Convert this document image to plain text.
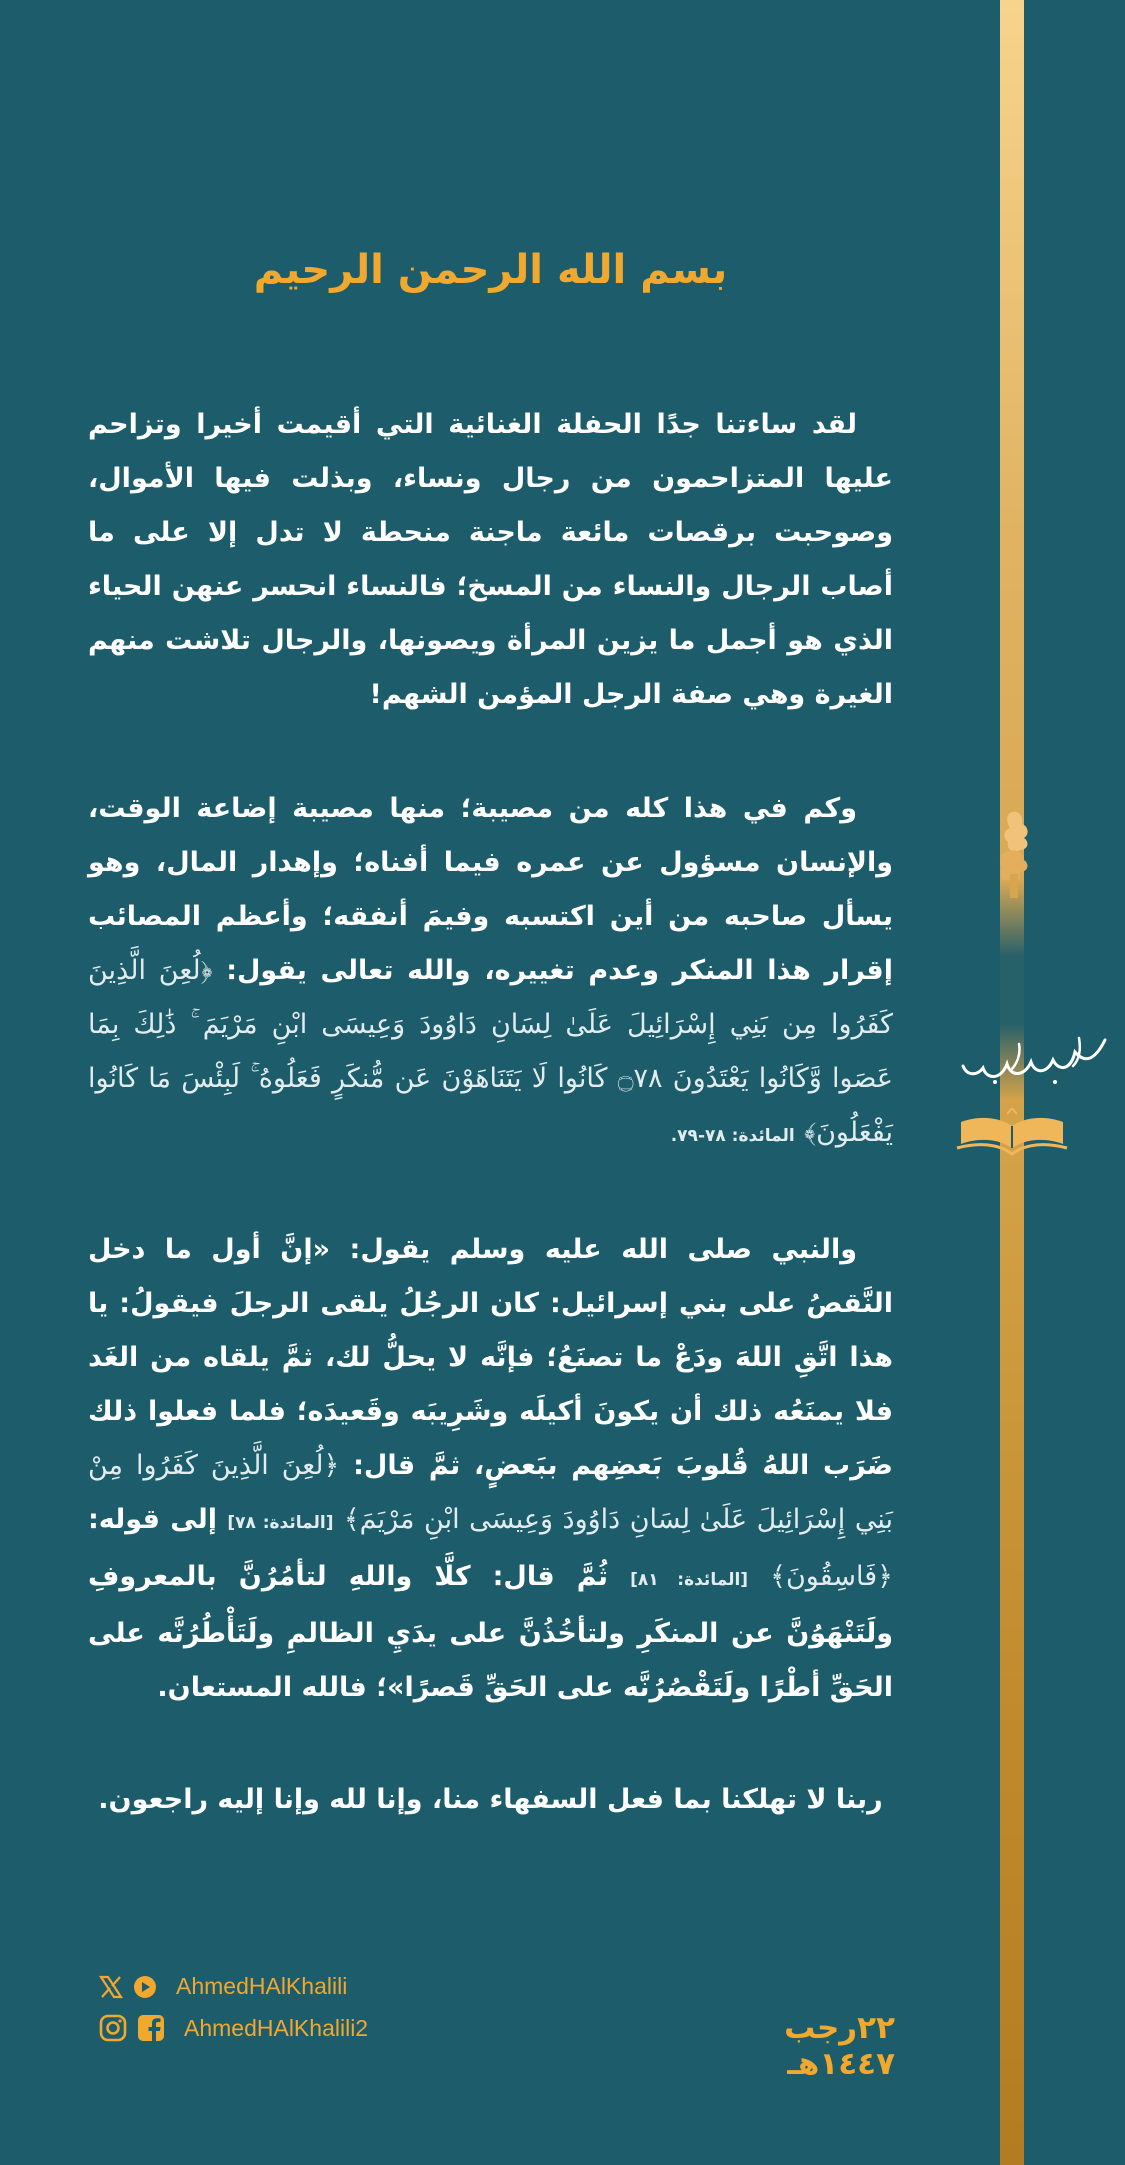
بسم الله الرحمن الرحيم

لقد ساءتنا جدًا الحفلة الغنائية التي أقيمت أخيرا وتزاحم عليها المتزاحمون من رجال ونساء، وبذلت فيها الأموال، وصوحبت برقصات مائعة ماجنة منحطة لا تدل إلا على ما أصاب الرجال والنساء من المسخ؛ فالنساء انحسر عنهن الحياء الذي هو أجمل ما يزين المرأة ويصونها، والرجال تلاشت منهم الغيرة وهي صفة الرجل المؤمن الشهم!

وكم في هذا كله من مصيبة؛ منها مصيبة إضاعة الوقت، والإنسان مسؤول عن عمره فيما أفناه؛ وإهدار المال، وهو يسأل صاحبه من أين اكتسبه وفيمَ أنفقه؛ وأعظم المصائب إقرار هذا المنكر وعدم تغييره، والله تعالى يقول: ﴿لُعِنَ الَّذِينَ كَفَرُوا مِن بَنِي إِسْرَائِيلَ عَلَىٰ لِسَانِ دَاوُودَ وَعِيسَى ابْنِ مَرْيَمَ ۚ ذَٰلِكَ بِمَا عَصَوا وَّكَانُوا يَعْتَدُونَ ۝٧٨ كَانُوا لَا يَتَنَاهَوْنَ عَن مُّنكَرٍ فَعَلُوهُ ۚ لَبِئْسَ مَا كَانُوا يَفْعَلُونَ﴾ المائدة: ٧٨-٧٩.

والنبي صلى الله عليه وسلم يقول: «إنَّ أول ما دخل النَّقصُ على بني إسرائيل: كان الرجُلُ يلقى الرجلَ فيقولُ: يا هذا اتَّقِ اللهَ ودَعْ ما تصنَعُ؛ فإنَّه لا يحلُّ لك، ثمَّ يلقاه من الغَد فلا يمنَعُه ذلك أن يكونَ أكيلَه وشَرِيبَه وقَعيدَه؛ فلما فعلوا ذلك ضَرَب اللهُ قُلوبَ بَعضِهم ببَعضٍ، ثمَّ قال: ﴿لُعِنَ الَّذِينَ كَفَرُوا مِنْ بَنِي إِسْرَائِيلَ عَلَىٰ لِسَانِ دَاوُودَ وَعِيسَى ابْنِ مَرْيَمَ﴾ [المائدة: ٧٨] إلى قوله: ﴿فَاسِقُونَ﴾ [المائدة: ٨١] ثُمَّ قال: كلَّا واللهِ لتأمُرُنَّ بالمعروفِ ولَتَنْهَوُنَّ عن المنكَرِ ولتأخُذُنَّ على يدَيِ الظالمِ ولَتَأْطُرُنَّه على الحَقِّ أطْرًا ولَتَقْصُرُنَّه على الحَقِّ قَصرًا»؛ فالله المستعان.

ربنا لا تهلكنا بما فعل السفهاء منا، وإنا لله وإنا إليه راجعون.
AhmedHAlKhalili
AhmedHAlKhalili2	٢٢رجب ١٤٤٧هـ
